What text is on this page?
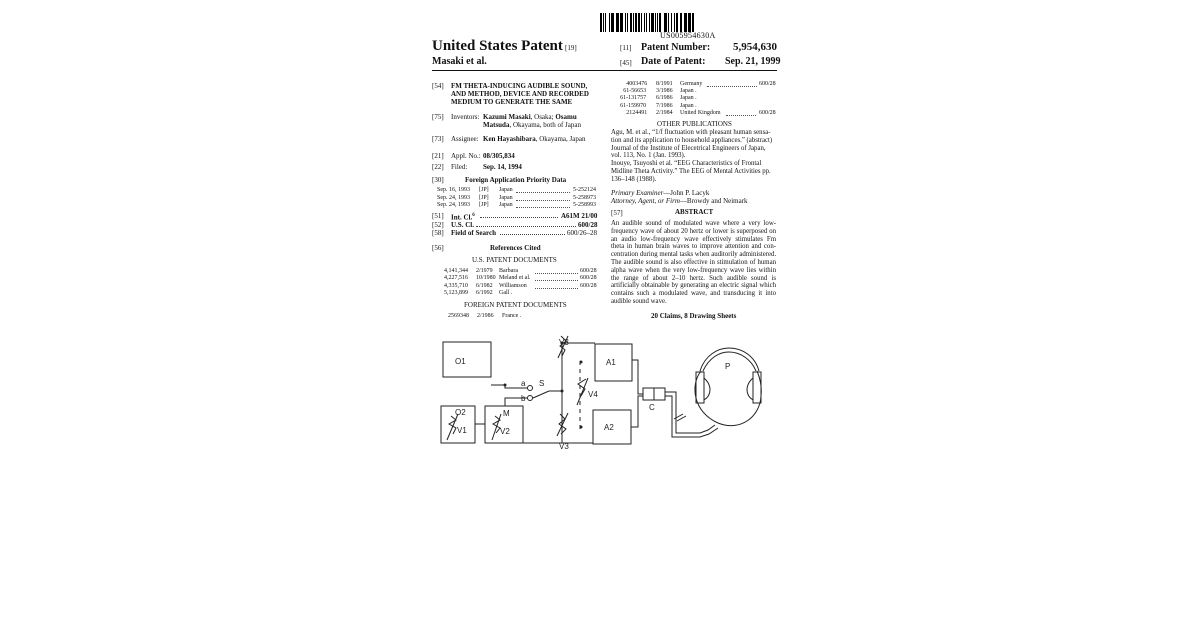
US005954630A
United States Patent [19]
Masaki et al.
[11] Patent Number: 5,954,630
[45] Date of Patent: Sep. 21, 1999
[54] FM THETA-INDUCING AUDIBLE SOUND,
AND METHOD, DEVICE AND RECORDED
MEDIUM TO GENERATE THE SAME
[75] Inventors: Kazumi Masaki, Osaka; Osamu
Matsuda, Okayama, both of Japan
[73] Assignee: Ken Hayashibara, Okayama, Japan
[21] Appl. No.: 08/305,834
[22] Filed: Sep. 14, 1994
[30]	Foreign Application Priority Data
[51] Int. Cl.$^6$	A61M 21/00
[52] U.S. Cl.	600/28
[58] Field of Search	600/26–28
[56]	References Cited
U.S. PATENT DOCUMENTS
FOREIGN PATENT DOCUMENTS
OTHER PUBLICATIONS
Primary Examiner—John P. Lacyk
Attorney, Agent, or Firm—Browdy and Neimark
[57]	ABSTRACT
20 Claims, 8 Drawing Sheets
O1
O2
V1
M
V2
V3
V3
a
b
S
V4
A1
A2
C
P
Sep. 16, 1993 [JP] Japan	5-252124
Sep. 24, 1993 [JP] Japan	5-258973
Sep. 24, 1993 [JP] Japan	5-258993
4,141,344 2/1979 Barbara	600/28
4,227,516 10/1980 Meland et al.	600/28
4,335,710 6/1982 Williamson	600/28
5,123,899 6/1992 Gall .
2569348 2/1986 France .
4003476 8/1991 Germany	600/28
61-56653 3/1986 Japan .
61-131757 6/1986 Japan .
61-159970 7/1986 Japan .
2124491 2/1984 United Kingdom	600/28
Agu, M. et al., “1/f fluctuation with pleasant human sensa-
tion and its application to household appliances.” (abstract)
Journal of the Institute of Elecetrical Engineers of Japan,
vol. 113, No. 1 (Jan. 1993).
Inouye, Tsuyoshi et al. “EEG Characteristics of Frontal
Midline Theta Activity.” The EEG of Mental Activities pp.
136–148 (1988).
An audible sound of modulated wave where a very low-
frequency wave of about 20 hertz or lower is superposed on
an audio low-frequency wave effectively stimulates Fm
theta in human brain waves to improve attention and con-
centration during mental tasks when auditorily administered.
The audible sound is also effective in stimulation of human
alpha wave when the very low-frequency wave lies within
the range of about 2–10 hertz. Such audible sound is
artificially obtainable by generating an electric signal which
contains such a modulated wave, and transducing it into
audible sound wave.
